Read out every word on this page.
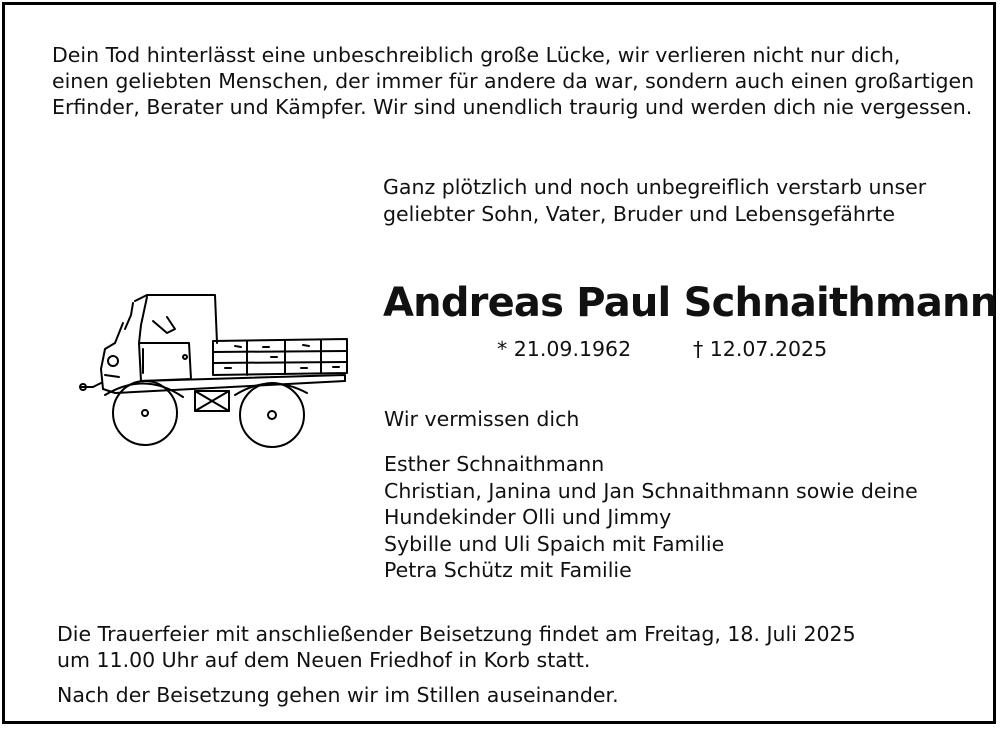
Dein Tod hinterlässt eine unbeschreiblich große Lücke, wir verlieren nicht nur dich,
einen geliebten Menschen, der immer für andere da war, sondern auch einen großartigen
Erfinder, Berater und Kämpfer. Wir sind unendlich traurig und werden dich nie vergessen.

Ganz plötzlich und noch unbegreiflich verstarb unser
geliebter Sohn, Vater, Bruder und Lebensgefährte

Andreas Paul Schnaithmann
* 21.09.1962	† 12.07.2025

Wir vermissen dich

Esther Schnaithmann
Christian, Janina und Jan Schnaithmann sowie deine
Hundekinder Olli und Jimmy
Sybille und Uli Spaich mit Familie
Petra Schütz mit Familie

Die Trauerfeier mit anschließender Beisetzung findet am Freitag, 18. Juli 2025
um 11.00 Uhr auf dem Neuen Friedhof in Korb statt.

Nach der Beisetzung gehen wir im Stillen auseinander.
